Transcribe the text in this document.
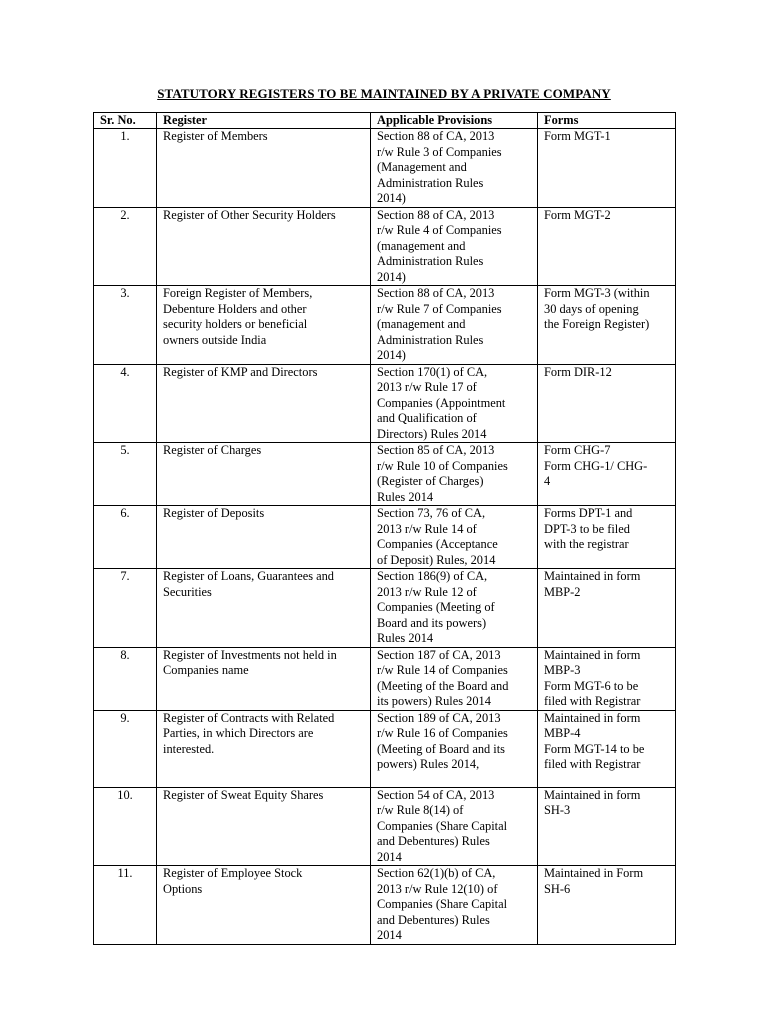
STATUTORY REGISTERS TO BE MAINTAINED BY A PRIVATE COMPANY
Sr. No.	Register	Applicable Provisions	Forms
1.	Register of Members	Section 88 of CA, 2013
r/w Rule 3 of Companies
(Management and
Administration Rules
2014)	Form MGT-1
2.	Register of Other Security Holders	Section 88 of CA, 2013
r/w Rule 4 of Companies
(management and
Administration Rules
2014)	Form MGT-2
3.	Foreign Register of Members,
Debenture Holders and other
security holders or beneficial
owners outside India	Section 88 of CA, 2013
r/w Rule 7 of Companies
(management and
Administration Rules
2014)	Form MGT-3 (within
30 days of opening
the Foreign Register)
4.	Register of KMP and Directors	Section 170(1) of CA,
2013 r/w Rule 17 of
Companies (Appointment
and Qualification of
Directors) Rules 2014	Form DIR-12
5.	Register of Charges	Section 85 of CA, 2013
r/w Rule 10 of Companies
(Register of Charges)
Rules 2014	Form CHG-7
Form CHG-1/ CHG-
4
6.	Register of Deposits	Section 73, 76 of CA,
2013 r/w Rule 14 of
Companies (Acceptance
of Deposit) Rules, 2014	Forms DPT-1 and
DPT-3 to be filed
with the registrar
7.	Register of Loans, Guarantees and
Securities	Section 186(9) of CA,
2013 r/w Rule 12 of
Companies (Meeting of
Board and its powers)
Rules 2014	Maintained in form
MBP-2
8.	Register of Investments not held in
Companies name	Section 187 of CA, 2013
r/w Rule 14 of Companies
(Meeting of the Board and
its powers) Rules 2014	Maintained in form
MBP-3
Form MGT-6 to be
filed with Registrar
9.	Register of Contracts with Related
Parties, in which Directors are
interested.	Section 189 of CA, 2013
r/w Rule 16 of Companies
(Meeting of Board and its
powers) Rules 2014,	Maintained in form
MBP-4
Form MGT-14 to be
filed with Registrar
10.	Register of Sweat Equity Shares	Section 54 of CA, 2013
r/w Rule 8(14) of
Companies (Share Capital
and Debentures) Rules
2014	Maintained in form
SH-3
11.	Register of Employee Stock
Options	Section 62(1)(b) of CA,
2013 r/w Rule 12(10) of
Companies (Share Capital
and Debentures) Rules
2014	Maintained in Form
SH-6
